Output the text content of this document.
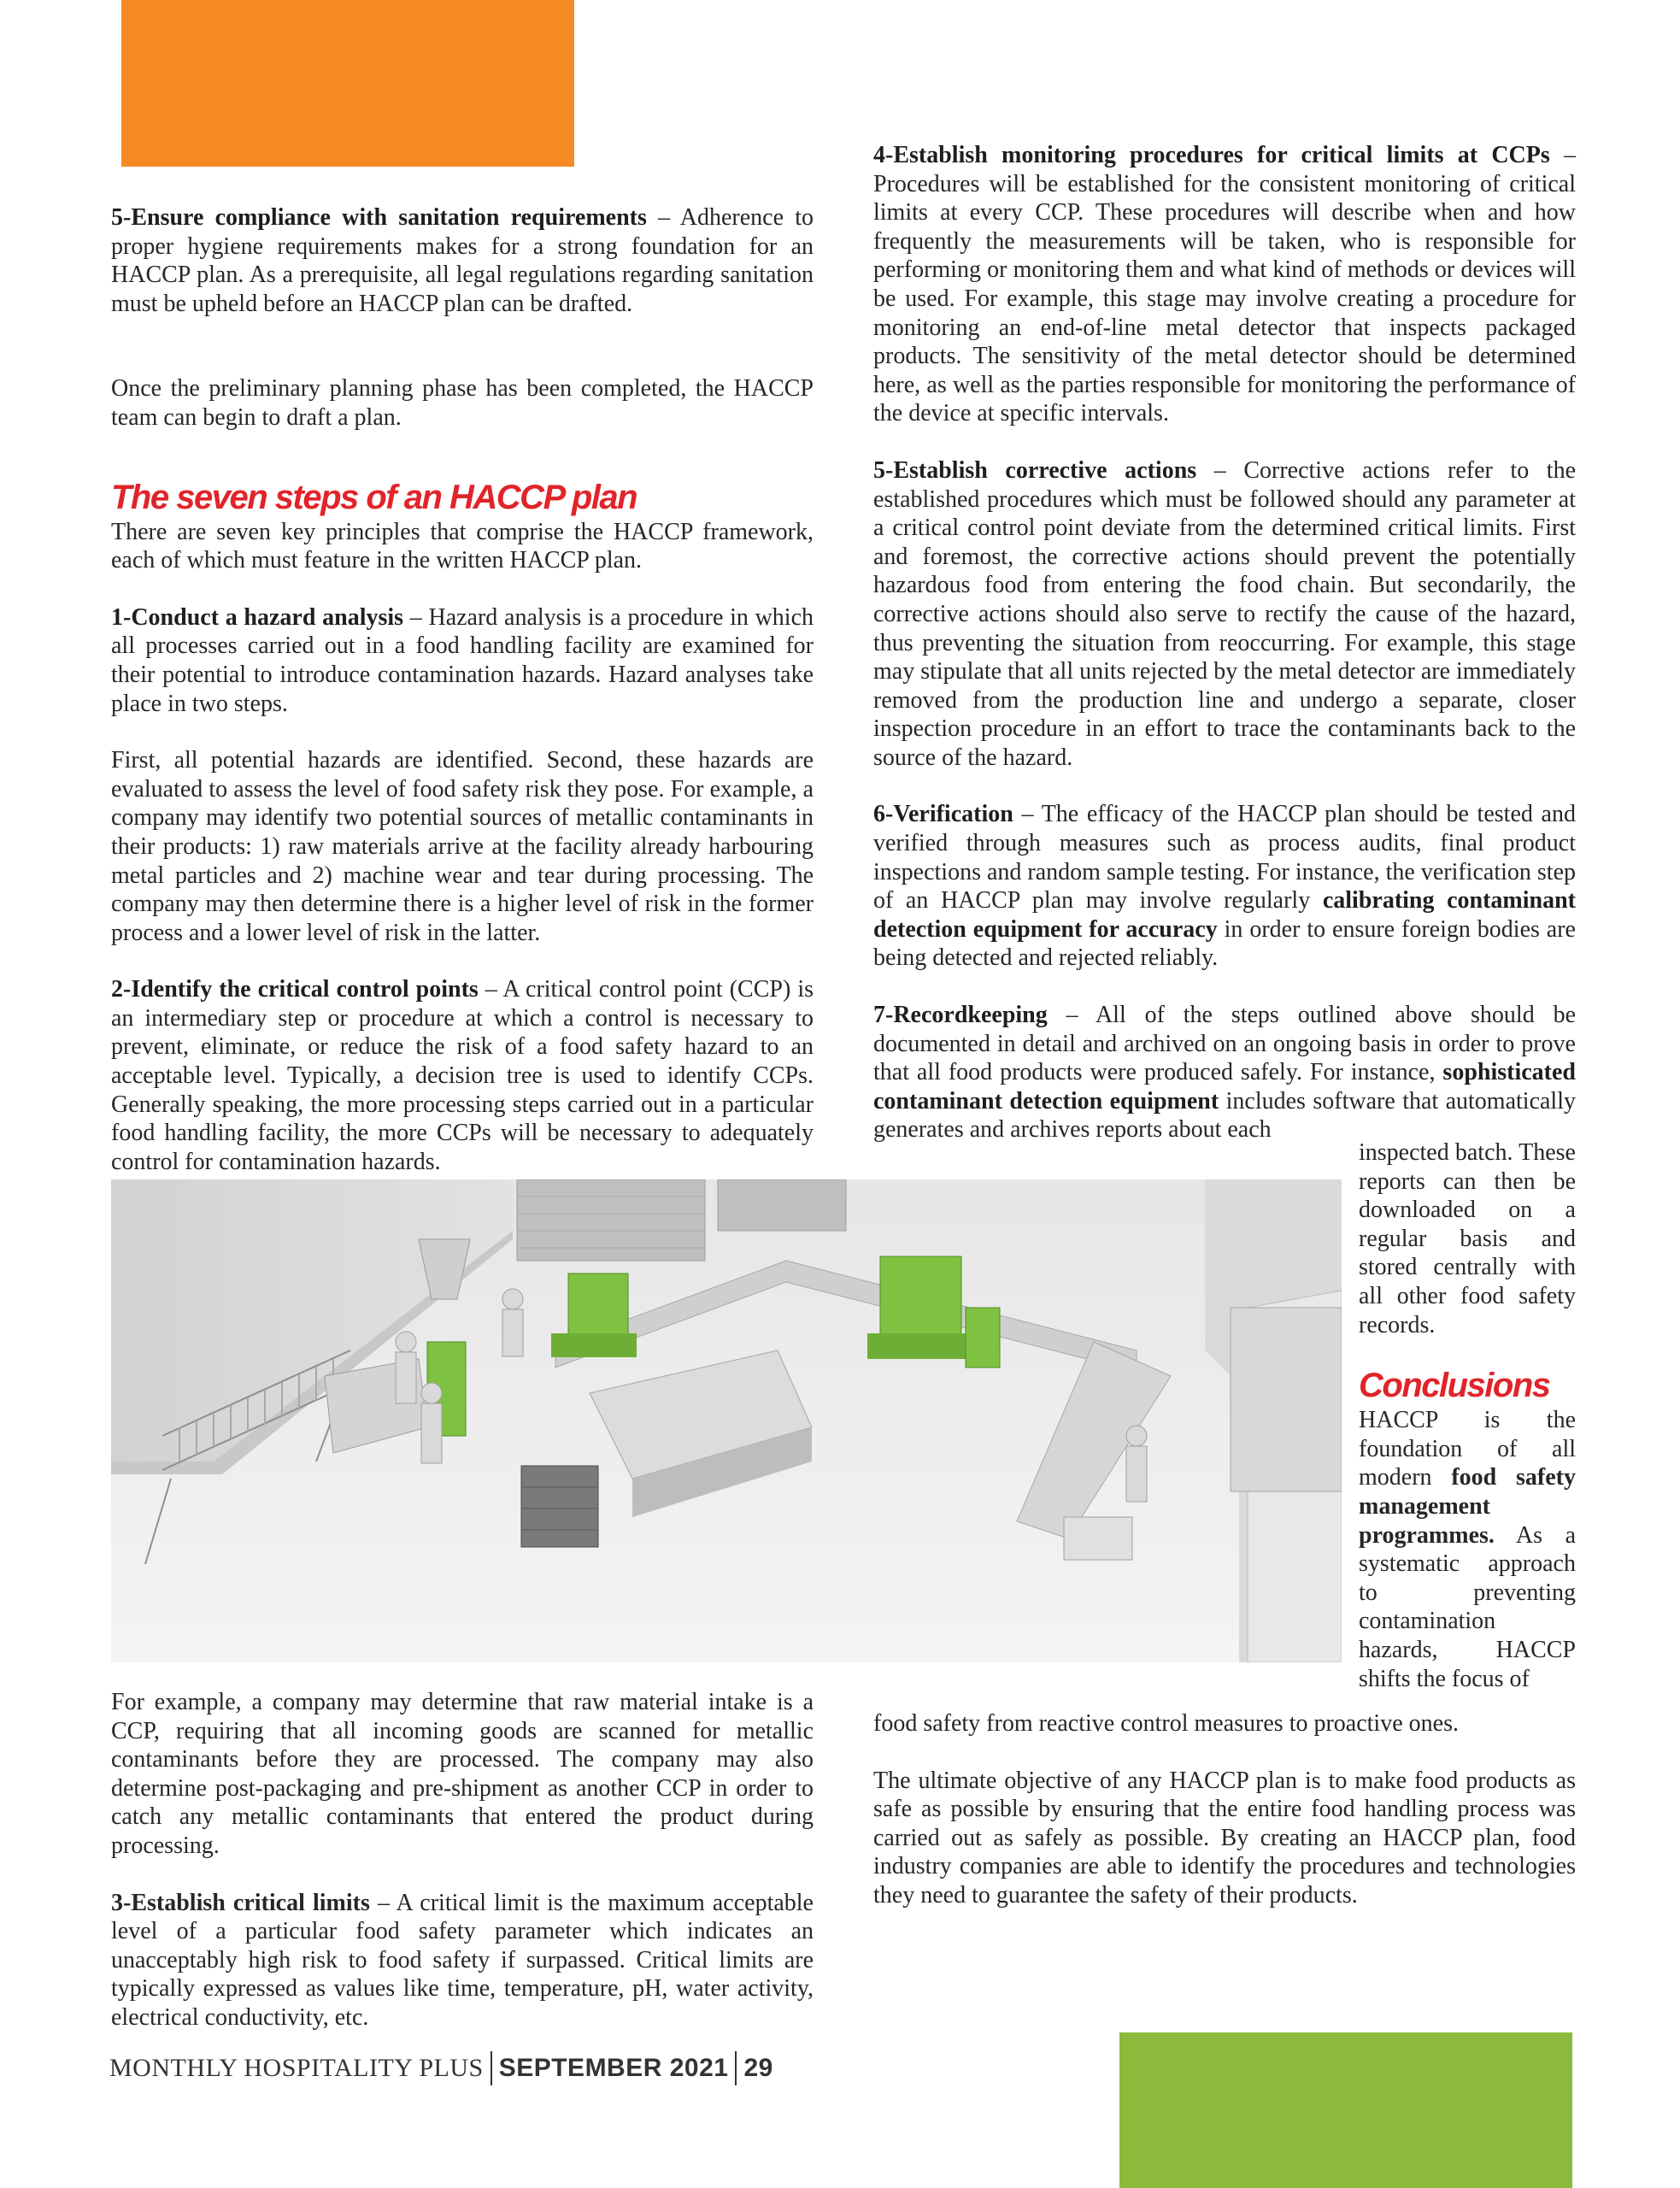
5-Ensure compliance with sanitation requirements – Adherence to proper hygiene requirements makes for a strong foundation for an HACCP plan. As a prerequisite, all legal regulations regarding sanitation must be upheld before an HACCP plan can be drafted.

Once the preliminary planning phase has been completed, the HACCP team can begin to draft a plan.

The seven steps of an HACCP plan

There are seven key principles that comprise the HACCP framework, each of which must feature in the written HACCP plan.

1-Conduct a hazard analysis – Hazard analysis is a procedure in which all processes carried out in a food handling facility are examined for their potential to introduce contamination hazards. Hazard analyses take place in two steps.

First, all potential hazards are identified. Second, these hazards are evaluated to assess the level of food safety risk they pose. For example, a company may identify two potential sources of metallic contaminants in their products: 1) raw materials arrive at the facility already harbouring metal particles and 2) machine wear and tear during processing. The company may then determine there is a higher level of risk in the former process and a lower level of risk in the latter.

2-Identify the critical control points – A critical control point (CCP) is an intermediary step or procedure at which a control is necessary to prevent, eliminate, or reduce the risk of a food safety hazard to an acceptable level. Typically, a decision tree is used to identify CCPs. Generally speaking, the more processing steps carried out in a particular food handling facility, the more CCPs will be necessary to adequately control for contamination hazards.

4-Establish monitoring procedures for critical limits at CCPs – Procedures will be established for the consistent monitoring of critical limits at every CCP. These procedures will describe when and how frequently the measurements will be taken, who is responsible for performing or monitoring them and what kind of methods or devices will be used. For example, this stage may involve creating a procedure for monitoring an end-of-line metal detector that inspects packaged products. The sensitivity of the metal detector should be determined here, as well as the parties responsible for monitoring the performance of the device at specific intervals.

5-Establish corrective actions – Corrective actions refer to the established procedures which must be followed should any parameter at a critical control point deviate from the determined critical limits. First and foremost, the corrective actions should prevent the potentially hazardous food from entering the food chain. But secondarily, the corrective actions should also serve to rectify the cause of the hazard, thus preventing the situation from reoccurring. For example, this stage may stipulate that all units rejected by the metal detector are immediately removed from the production line and undergo a separate, closer inspection procedure in an effort to trace the contaminants back to the source of the hazard.

6-Verification – The efficacy of the HACCP plan should be tested and verified through measures such as process audits, final product inspections and random sample testing. For instance, the verification step of an HACCP plan may involve regularly calibrating contaminant detection equipment for accuracy in order to ensure foreign bodies are being detected and rejected reliably.

7-Recordkeeping – All of the steps outlined above should be documented in detail and archived on an ongoing basis in order to prove that all food products were produced safely. For instance, sophisticated contaminant detection equipment includes software that automatically generates and archives reports about each

inspected batch. These reports can then be downloaded on a regular basis and stored centrally with all other food safety records.

Conclusions

HACCP is the foundation of all modern food safety management programmes. As a systematic approach to preventing contamination hazards, HACCP shifts the focus of

food safety from reactive control measures to proactive ones.

The ultimate objective of any HACCP plan is to make food products as safe as possible by ensuring that the entire food handling process was carried out as safely as possible. By creating an HACCP plan, food industry companies are able to identify the procedures and technologies they need to guarantee the safety of their products.

For example, a company may determine that raw material intake is a CCP, requiring that all incoming goods are scanned for metallic contaminants before they are processed. The company may also determine post-packaging and pre-shipment as another CCP in order to catch any metallic contaminants that entered the product during processing.

3-Establish critical limits – A critical limit is the maximum acceptable level of a particular food safety parameter which indicates an unacceptably high risk to food safety if surpassed. Critical limits are typically expressed as values like time, temperature, pH, water activity, electrical conductivity, etc.

MONTHLY HOSPITALITY PLUS SEPTEMBER 2021 29
